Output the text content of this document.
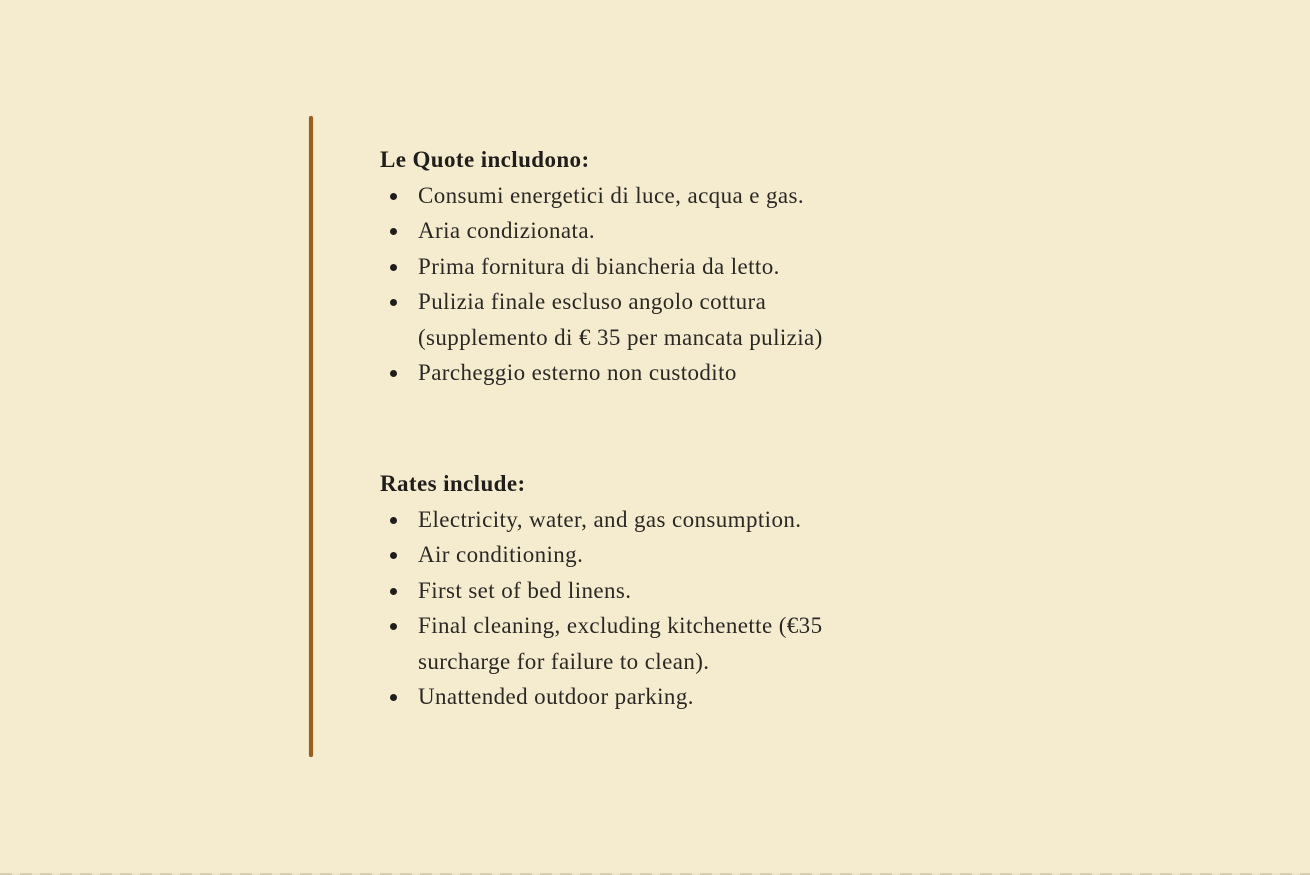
Le Quote includono:
Consumi energetici di luce, acqua e gas.
Aria condizionata.
Prima fornitura di biancheria da letto.
Pulizia finale escluso angolo cottura
(supplemento di € 35 per mancata pulizia)
Parcheggio esterno non custodito
Rates include:
Electricity, water, and gas consumption.
Air conditioning.
First set of bed linens.
Final cleaning, excluding kitchenette (€35
surcharge for failure to clean).
Unattended outdoor parking.
